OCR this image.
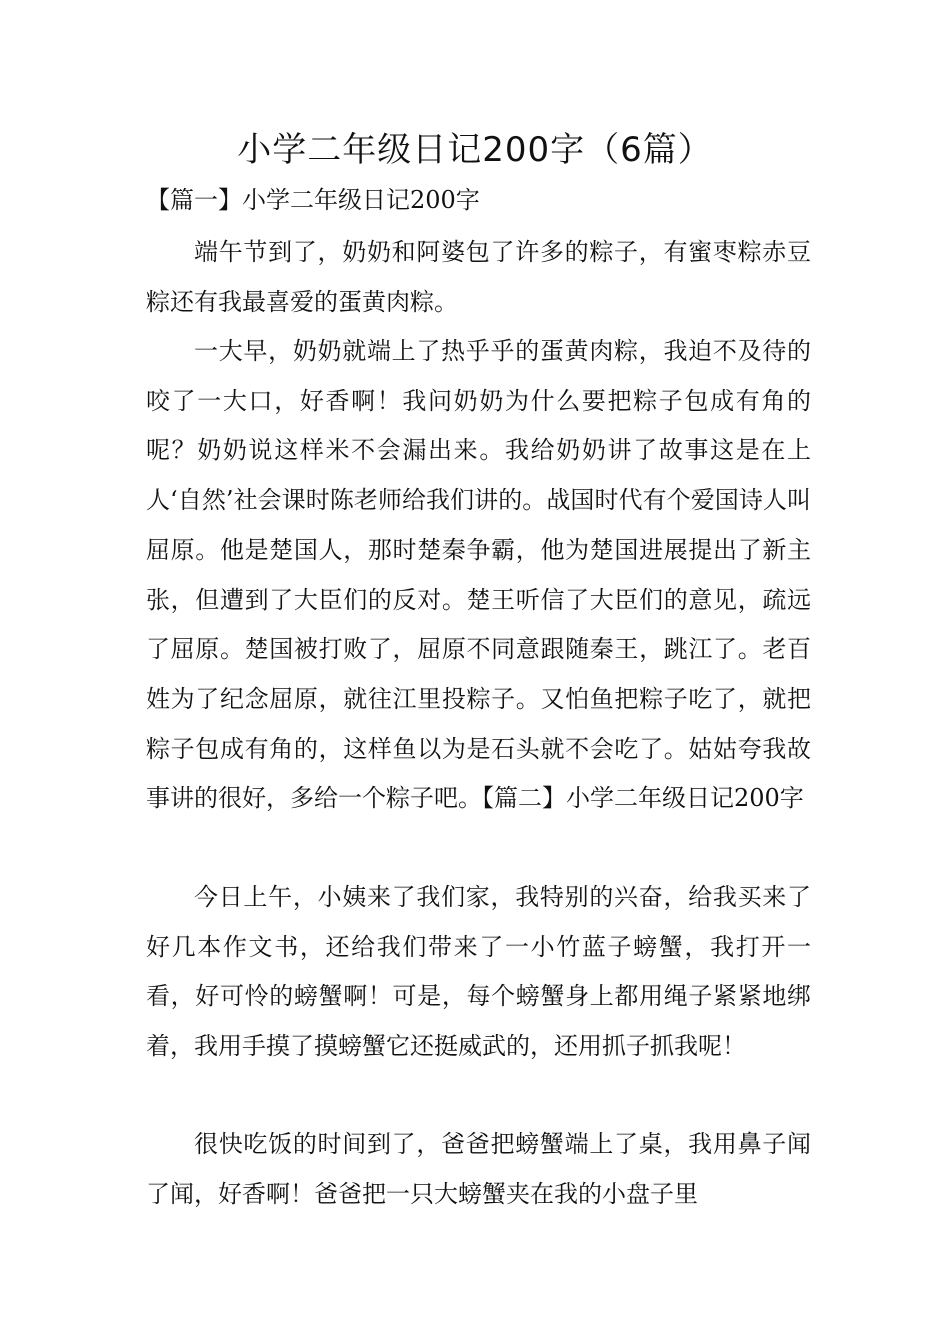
小学二年级日记200字（6篇）
【篇一】小学二年级日记200字

端午节到了，奶奶和阿婆包了许多的粽子，有蜜枣粽赤豆粽还有我最喜爱的蛋黄肉粽。

一大早，奶奶就端上了热乎乎的蛋黄肉粽，我迫不及待的咬了一大口，好香啊！我问奶奶为什么要把粽子包成有角的呢？奶奶说这样米不会漏出来。我给奶奶讲了故事这是在上人‘自然’社会课时陈老师给我们讲的。战国时代有个爱国诗人叫屈原。他是楚国人，那时楚秦争霸，他为楚国进展提出了新主张，但遭到了大臣们的反对。楚王听信了大臣们的意见，疏远了屈原。楚国被打败了，屈原不同意跟随秦王，跳江了。老百姓为了纪念屈原，就往江里投粽子。又怕鱼把粽子吃了，就把粽子包成有角的，这样鱼以为是石头就不会吃了。姑姑夸我故事讲的很好，多给一个粽子吧。【篇二】小学二年级日记200字

今日上午，小姨来了我们家，我特别的兴奋，给我买来了好几本作文书，还给我们带来了一小竹蓝子螃蟹，我打开一看，好可怜的螃蟹啊！可是，每个螃蟹身上都用绳子紧紧地绑着，我用手摸了摸螃蟹它还挺威武的，还用抓子抓我呢！

很快吃饭的时间到了，爸爸把螃蟹端上了桌，我用鼻子闻了闻，好香啊！爸爸把一只大螃蟹夹在我的小盘子里
